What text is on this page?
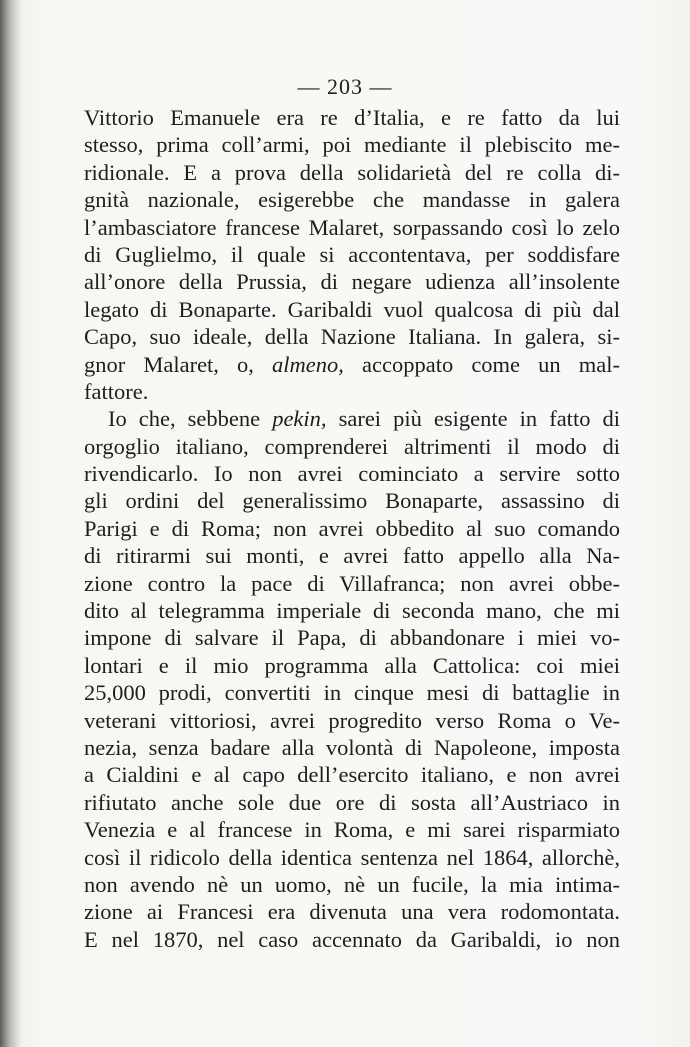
— 203 —
Vittorio Emanuele era re d’Italia, e re fatto da lui
stesso, prima coll’armi, poi mediante il plebiscito me-
ridionale. E a prova della solidarietà del re colla di-
gnità nazionale, esigerebbe che mandasse in galera
l’ambasciatore francese Malaret, sorpassando così lo zelo
di Guglielmo, il quale si accontentava, per soddisfare
all’onore della Prussia, di negare udienza all’insolente
legato di Bonaparte. Garibaldi vuol qualcosa di più dal
Capo, suo ideale, della Nazione Italiana. In galera, si-
gnor Malaret, o, almeno, accoppato come un mal-
fattore.
Io che, sebbene pekin, sarei più esigente in fatto di
orgoglio italiano, comprenderei altrimenti il modo di
rivendicarlo. Io non avrei cominciato a servire sotto
gli ordini del generalissimo Bonaparte, assassino di
Parigi e di Roma; non avrei obbedito al suo comando
di ritirarmi sui monti, e avrei fatto appello alla Na-
zione contro la pace di Villafranca; non avrei obbe-
dito al telegramma imperiale di seconda mano, che mi
impone di salvare il Papa, di abbandonare i miei vo-
lontari e il mio programma alla Cattolica: coi miei
25,000 prodi, convertiti in cinque mesi di battaglie in
veterani vittoriosi, avrei progredito verso Roma o Ve-
nezia, senza badare alla volontà di Napoleone, imposta
a Cialdini e al capo dell’esercito italiano, e non avrei
rifiutato anche sole due ore di sosta all’Austriaco in
Venezia e al francese in Roma, e mi sarei risparmiato
così il ridicolo della identica sentenza nel 1864, allorchè,
non avendo nè un uomo, nè un fucile, la mia intima-
zione ai Francesi era divenuta una vera rodomontata.
E nel 1870, nel caso accennato da Garibaldi, io non
